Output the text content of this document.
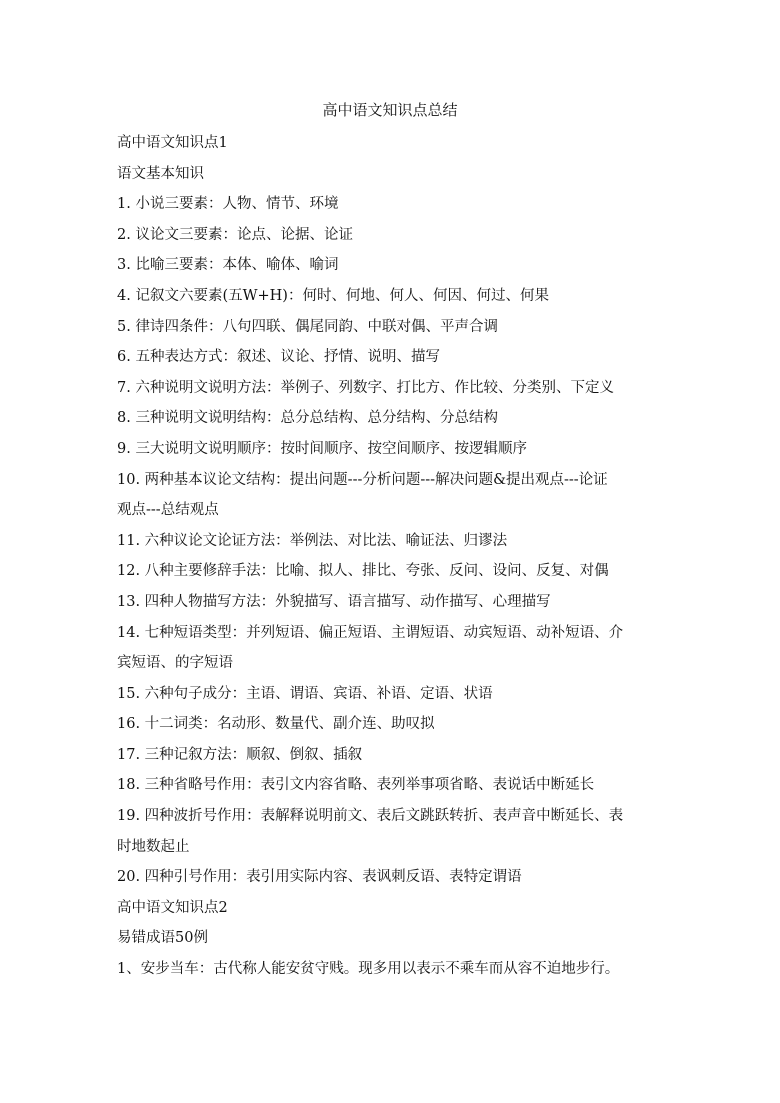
高中语文知识点总结
高中语文知识点1
语文基本知识
1. 小说三要素：人物、情节、环境
2. 议论文三要素：论点、论据、论证
3. 比喻三要素：本体、喻体、喻词
4. 记叙文六要素(五W+H)：何时、何地、何人、何因、何过、何果
5. 律诗四条件：八句四联、偶尾同韵、中联对偶、平声合调
6. 五种表达方式：叙述、议论、抒情、说明、描写
7. 六种说明文说明方法：举例子、列数字、打比方、作比较、分类别、下定义
8. 三种说明文说明结构：总分总结构、总分结构、分总结构
9. 三大说明文说明顺序：按时间顺序、按空间顺序、按逻辑顺序
10. 两种基本议论文结构：提出问题---分析问题---解决问题&提出观点---论证
观点---总结观点
11. 六种议论文论证方法：举例法、对比法、喻证法、归谬法
12. 八种主要修辞手法：比喻、拟人、排比、夸张、反问、设问、反复、对偶
13. 四种人物描写方法：外貌描写、语言描写、动作描写、心理描写
14. 七种短语类型：并列短语、偏正短语、主谓短语、动宾短语、动补短语、介
宾短语、的字短语
15. 六种句子成分：主语、谓语、宾语、补语、定语、状语
16. 十二词类：名动形、数量代、副介连、助叹拟
17. 三种记叙方法：顺叙、倒叙、插叙
18. 三种省略号作用：表引文内容省略、表列举事项省略、表说话中断延长
19. 四种波折号作用：表解释说明前文、表后文跳跃转折、表声音中断延长、表
时地数起止
20. 四种引号作用：表引用实际内容、表讽刺反语、表特定谓语
高中语文知识点2
易错成语50例
1、安步当车：古代称人能安贫守贱。现多用以表示不乘车而从容不迫地步行。
